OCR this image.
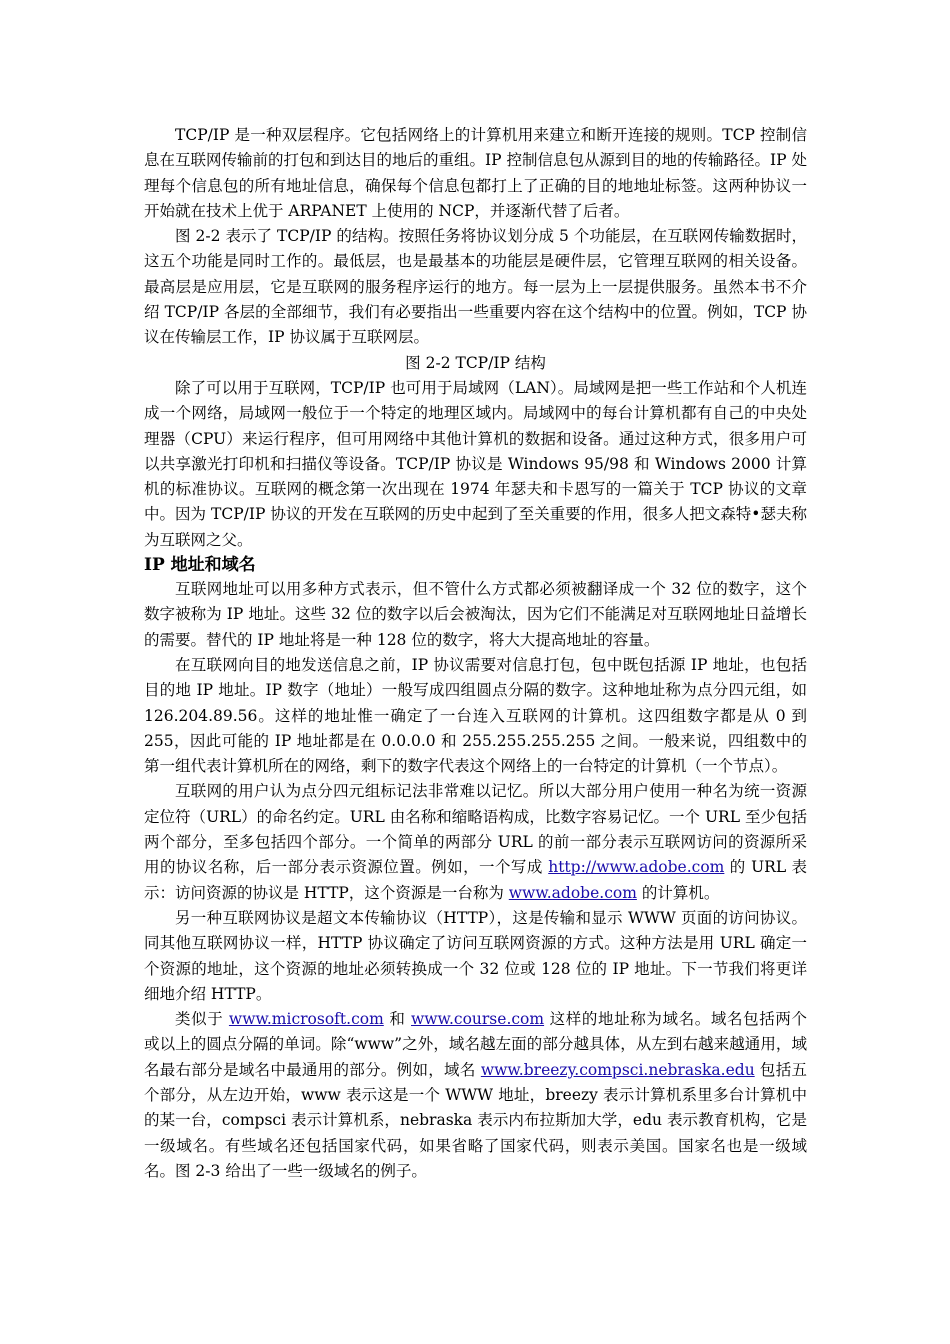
TCP/IP 是一种双层程序。它包括网络上的计算机用来建立和断开连接的规则。TCP 控制信息在互联网传输前的打包和到达目的地后的重组。IP 控制信息包从源到目的地的传输路径。IP 处理每个信息包的所有地址信息，确保每个信息包都打上了正确的目的地地址标签。这两种协议一开始就在技术上优于 ARPANET 上使用的 NCP，并逐渐代替了后者。

图 2-2 表示了 TCP/IP 的结构。按照任务将协议划分成 5 个功能层，在互联网传输数据时，这五个功能是同时工作的。最低层，也是最基本的功能层是硬件层，它管理互联网的相关设备。最高层是应用层，它是互联网的服务程序运行的地方。每一层为上一层提供服务。虽然本书不介绍 TCP/IP 各层的全部细节，我们有必要指出一些重要内容在这个结构中的位置。例如，TCP 协议在传输层工作，IP 协议属于互联网层。

图 2-2 TCP/IP 结构

除了可以用于互联网，TCP/IP 也可用于局域网（LAN）。局域网是把一些工作站和个人机连成一个网络，局域网一般位于一个特定的地理区域内。局域网中的每台计算机都有自己的中央处理器（CPU）来运行程序，但可用网络中其他计算机的数据和设备。通过这种方式，很多用户可以共享激光打印机和扫描仪等设备。TCP/IP 协议是 Windows 95/98 和 Windows 2000 计算机的标准协议。互联网的概念第一次出现在 1974 年瑟夫和卡恩写的一篇关于 TCP 协议的文章中。因为 TCP/IP 协议的开发在互联网的历史中起到了至关重要的作用，很多人把文森特•瑟夫称为互联网之父。

IP 地址和域名

互联网地址可以用多种方式表示，但不管什么方式都必须被翻译成一个 32 位的数字，这个数字被称为 IP 地址。这些 32 位的数字以后会被淘汰，因为它们不能满足对互联网地址日益增长的需要。替代的 IP 地址将是一种 128 位的数字，将大大提高地址的容量。

在互联网向目的地发送信息之前，IP 协议需要对信息打包，包中既包括源 IP 地址，也包括目的地 IP 地址。IP 数字（地址）一般写成四组圆点分隔的数字。这种地址称为点分四元组，如 126.204.89.56。这样的地址惟一确定了一台连入互联网的计算机。这四组数字都是从 0 到 255，因此可能的 IP 地址都是在 0.0.0.0 和 255.255.255.255 之间。一般来说，四组数中的第一组代表计算机所在的网络，剩下的数字代表这个网络上的一台特定的计算机（一个节点）。

互联网的用户认为点分四元组标记法非常难以记忆。所以大部分用户使用一种名为统一资源定位符（URL）的命名约定。URL 由名称和缩略语构成，比数字容易记忆。一个 URL 至少包括两个部分，至多包括四个部分。一个简单的两部分 URL 的前一部分表示互联网访问的资源所采用的协议名称，后一部分表示资源位置。例如，一个写成 http://www.adobe.com 的 URL 表示：访问资源的协议是 HTTP，这个资源是一台称为 www.adobe.com 的计算机。

另一种互联网协议是超文本传输协议（HTTP），这是传输和显示 WWW 页面的访问协议。同其他互联网协议一样，HTTP 协议确定了访问互联网资源的方式。这种方法是用 URL 确定一个资源的地址，这个资源的地址必须转换成一个 32 位或 128 位的 IP 地址。下一节我们将更详细地介绍 HTTP。

类似于 www.microsoft.com 和 www.course.com 这样的地址称为域名。域名包括两个或以上的圆点分隔的单词。除“www”之外，域名越左面的部分越具体，从左到右越来越通用，域名最右部分是域名中最通用的部分。例如，域名 www.breezy.compsci.nebraska.edu 包括五个部分，从左边开始，www 表示这是一个 WWW 地址，breezy 表示计算机系里多台计算机中的某一台，compsci 表示计算机系，nebraska 表示内布拉斯加大学，edu 表示教育机构，它是一级域名。有些域名还包括国家代码，如果省略了国家代码，则表示美国。国家名也是一级域名。图 2-3 给出了一些一级域名的例子。
